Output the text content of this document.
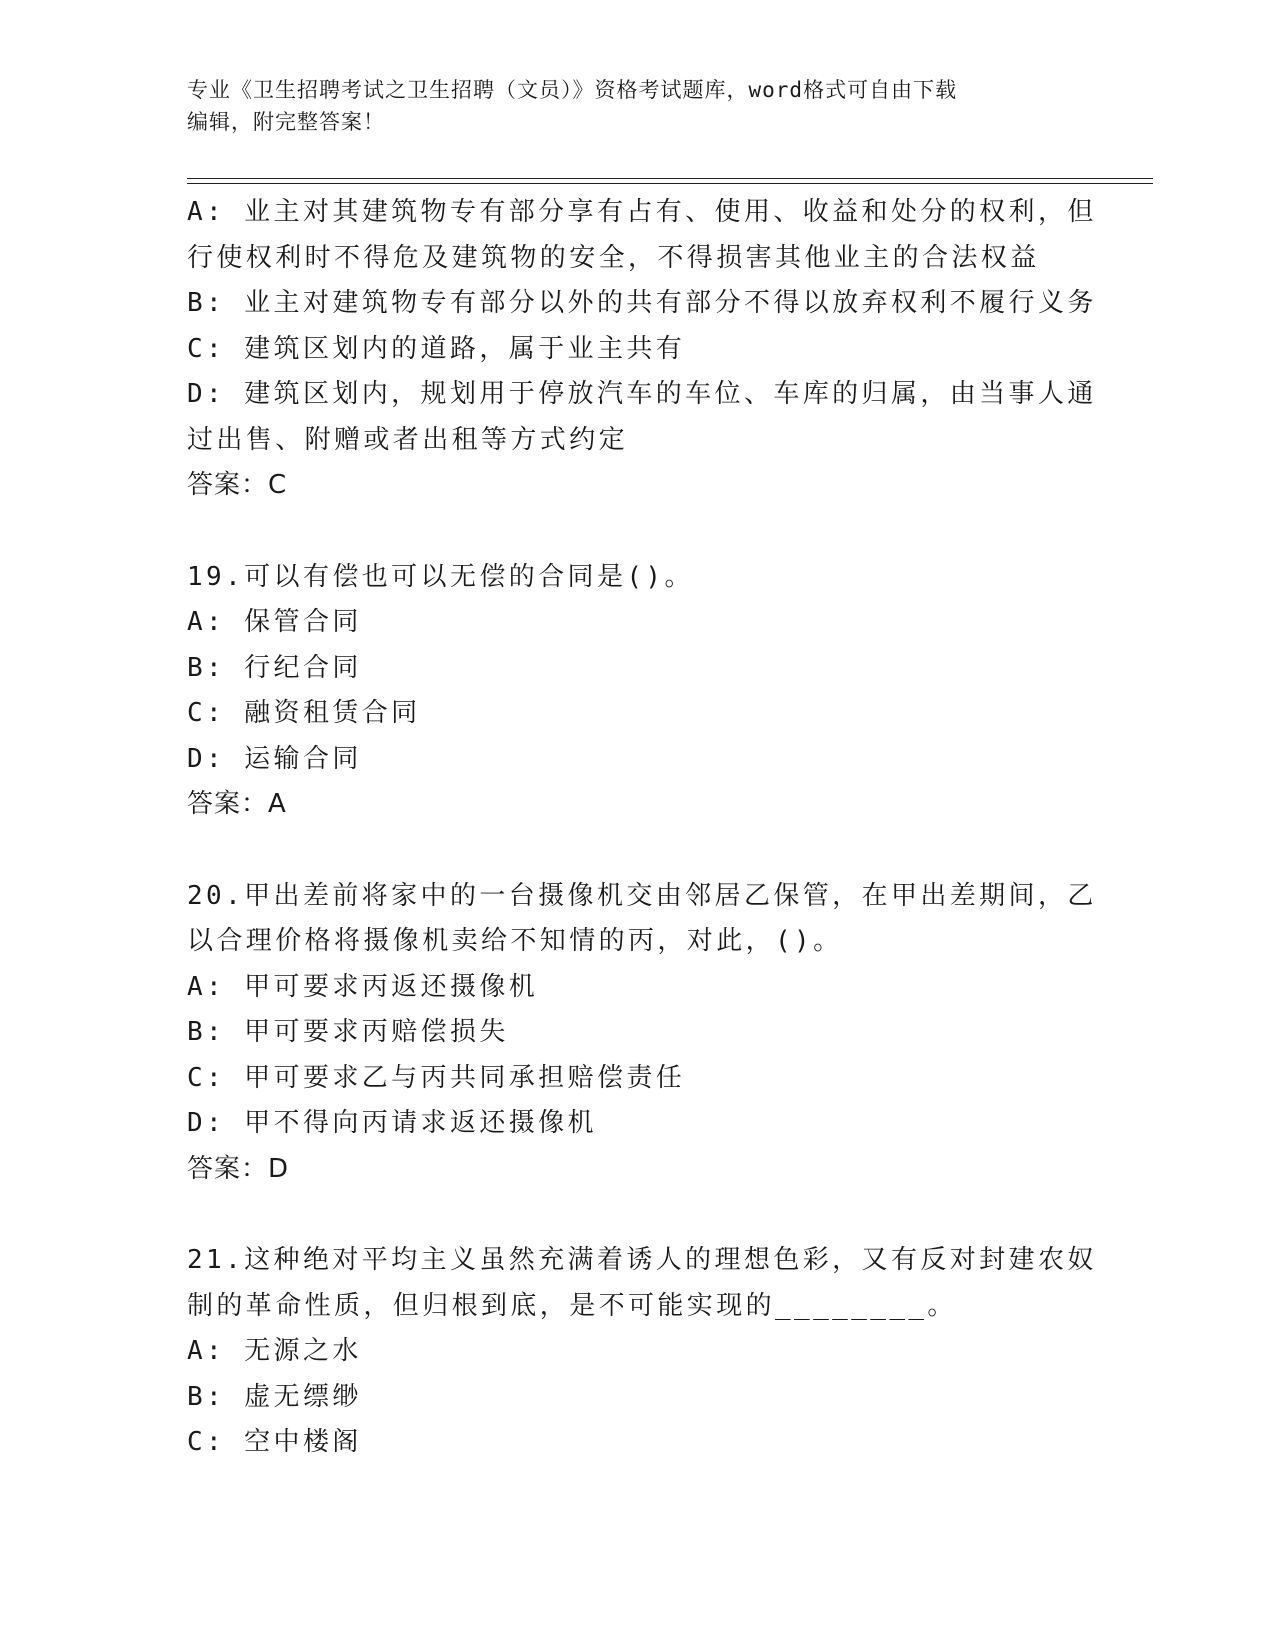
专业《卫生招聘考试之卫生招聘（文员）》资格考试题库，word格式可自由下载
编辑，附完整答案！

A: 业主对其建筑物专有部分享有占有、使用、收益和处分的权利，但

行使权利时不得危及建筑物的安全，不得损害其他业主的合法权益

B: 业主对建筑物专有部分以外的共有部分不得以放弃权利不履行义务

C: 建筑区划内的道路，属于业主共有

D: 建筑区划内，规划用于停放汽车的车位、车库的归属，由当事人通

过出售、附赠或者出租等方式约定

答案：C

19.可以有偿也可以无偿的合同是()。

A: 保管合同

B: 行纪合同

C: 融资租赁合同

D: 运输合同

答案：A

20.甲出差前将家中的一台摄像机交由邻居乙保管，在甲出差期间，乙

以合理价格将摄像机卖给不知情的丙，对此，()。

A: 甲可要求丙返还摄像机

B: 甲可要求丙赔偿损失

C: 甲可要求乙与丙共同承担赔偿责任

D: 甲不得向丙请求返还摄像机

答案：D

21.这种绝对平均主义虽然充满着诱人的理想色彩，又有反对封建农奴

制的革命性质，但归根到底，是不可能实现的________。

A: 无源之水

B: 虚无缥缈

C: 空中楼阁
